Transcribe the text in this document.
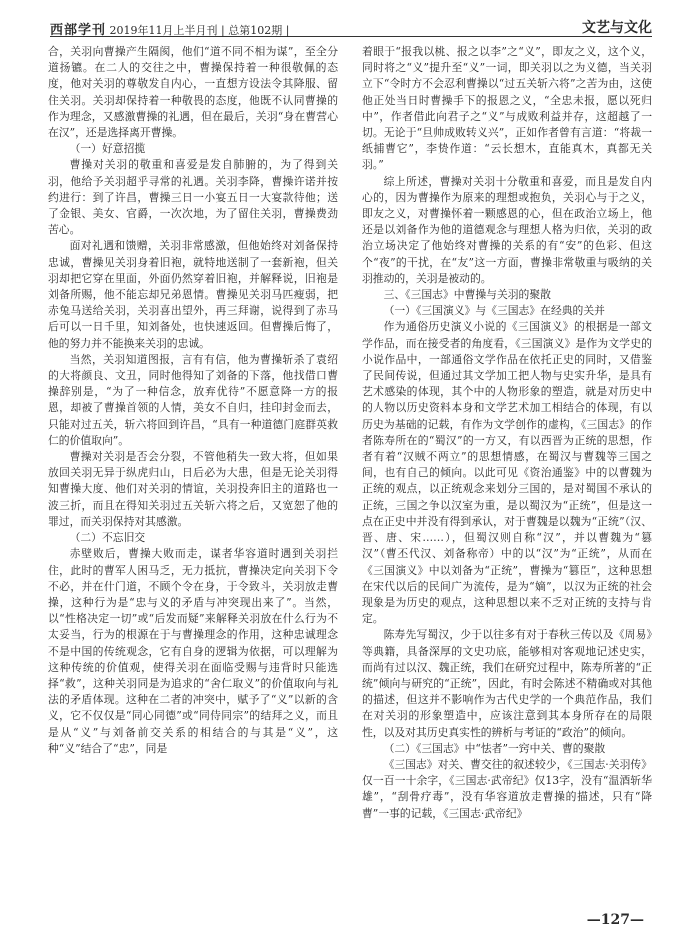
西部学刊 2019年11月上半月刊 | 总第102期 |	文艺与文化

合，关羽向曹操产生隔阂，他们“道不同不相为谋”，至全分道扬镳。在二人的交往之中，曹操保持着一种很敬佩的态度，他对关羽的尊敬发自内心，一直想方设法令其降服、留住关羽。关羽却保持着一种敬畏的态度，他既不认同曹操的作为理念，又感激曹操的礼遇，但在最后，关羽“身在曹营心在汉”，还是选择离开曹操。

（一）好意招揽

曹操对关羽的敬重和喜爱是发自肺腑的，为了得到关羽，他给予关羽超乎寻常的礼遇。关羽李降，曹操许诺并按约进行：到了许昌，曹操三日一小宴五日一大宴款待他；送了金银、美女、官爵，一次次地，为了留住关羽，曹操费劲苦心。

面对礼遇和馈赠，关羽非常感激，但他始终对刘备保持忠诚，曹操见关羽身着旧袍，就特地送制了一套新袍，但关羽却把它穿在里面，外面仍然穿着旧袍，并解释说，旧袍是刘备所赐，他不能忘却兄弟恩情。曹操见关羽马匹瘦弱，把赤兔马送给关羽，关羽喜出望外，再三拜谢，说得到了赤马后可以一日千里，知刘备处，也快速返回。但曹操后悔了，他的努力并不能换来关羽的忠诚。

当然，关羽知道图报，言有有信，他为曹操斩杀了袁绍的大将颜良、文丑，同时他得知了刘备的下落，他找借口曹操辞别是，“为了一种信念，放弃优待”不愿意降一方的报恩，却被了曹操首领的人情，美女不自归，挂印封金而去，只能对过五关，斩六将回到许昌，“具有一种道德门庭群英救仁的价值取向”。

曹操对关羽是否会分裂，不管他稍失一致大将，但如果放回关羽无异于纵虎归山，日后必为大患，但是无论关羽得知曹操大度、他们对关羽的情谊，关羽投奔旧主的道路也一波三折，而且在得知关羽过五关斩六将之后，又宽恕了他的罪过，而关羽保持对其感激。

（二）不忘旧交

赤壁败后，曹操大败而走，谋者华容道时遇到关羽拦住，此时的曹军人困马乏，无力抵抗，曹操决定向关羽下令不必，并在什门道，不顾个令在身，于令致斗，关羽放走曹操，这种行为是“忠与义的矛盾与冲突现出来了”。当然，以“性格决定一切”或“后发而疑”来解释关羽放在什么行为不太妥当，行为的根源在于与曹操理念的作用，这种忠诚理念不是中国的传统观念，它有自身的逻辑为依据，可以理解为这种传统的价值观，使得关羽在面临受赐与违背时只能选择“救”，这种关羽同是为追求的“舍仁取义”的价值取向与礼法的矛盾体现。这种在二者的冲突中，赋予了“义”以新的含义，它不仅仅是“同心同德”或“同侍同宗”的结拜之义，而且是从“义”与刘备前交关系的相结合的与其是“义”，这种“义”结合了“忠”，同是

着眼于“报我以桃、报之以李”之“义”，即友之义，这个义，同时将之“义”提升至“义”一词，即关羽以之为义德，当关羽立下“令时方不会忍利曹操以“过五关斩六将”之苦为由，这使他正处当日时曹操手下的报恩之义，“全忠未报，愿以死归中”，作者借此向君子之“义”与成败利益并存，这超越了一切。无论于“旦帅成败转义兴”，正如作者曾有言道：“将裁一纸捕曹它”，李贽作道：“云长想木，直能真木，真都无关羽。”

综上所述，曹操对关羽十分敬重和喜爱，而且是发自内心的，因为曹操作为原来的理想或抱负，关羽心与于之义，即友之义，对曹操怀着一颗感恩的心，但在政治立场上，他还是以刘备作为他的道德观念与理想人格为归依，关羽的政治立场决定了他始终对曹操的关系的有“安”的色彩、但这个“夜”的干扰，在“友”这一方面，曹操非常敬重与吸纳的关羽推动的，关羽是被动的。

三、《三国志》中曹操与关羽的聚散

（一）《三国演义》与《三国志》在经典的关并

作为通俗历史演义小说的《三国演义》的根据是一部文学作品，而在接受者的角度看，《三国演义》是作为文学史的小说作品中，一部通俗文学作品在依托正史的同时，又借鉴了民间传说，但通过其文学加工把人物与史实升华，是具有艺术感染的体现，其个中的人物形象的塑造，就是对历史中的人物以历史资料本身和文学艺术加工相结合的体现，有以历史为基础的记载，有作为文学创作的虚构，《三国志》的作者陈寿所在的“蜀汉”的一方又，有以西晋为正统的思想，作者有着“汉贼不两立”的思想情感，在蜀汉与曹魏等三国之间，也有自己的倾向。以此可见《资治通鉴》中的以曹魏为正统的观点，以正统观念来划分三国的，是对蜀国不承认的正统，三国之争以汉室为重，是以蜀汉为“正统”，但是这一点在正史中并没有得到承认，对于曹魏是以魏为“正统”（汉、晋、唐、宋……），但蜀汉则自称“汉”，并以曹魏为“篡汉”（曹丕代汉、刘备称帝）中的以“汉”为“正统”，从而在《三国演义》中以刘备为“正统”，曹操为“篡臣”，这种思想在宋代以后的民间广为流传，是为“嫡”，以汉为正统的社会现象是为历史的观点，这种思想以来不乏对正统的支持与肯定。

陈寿先写蜀汉，少于以往多有对于春秋三传以及《周易》等典籍，具备深厚的文史功底，能够相对客观地记述史实，而尚有过以汉、魏正统，我们在研究过程中，陈寿所著的“正统”倾向与研究的“正统”，因此，有时会陈述不精确或对其他的描述，但这并不影响作为古代史学的一个典范作品，我们在对关羽的形象塑造中，应该注意到其本身所存在的局限性，以及对其历史真实性的辨析与考证的“政治”的倾向。

（二）《三国志》中“怯者”一窍中关、曹的聚散

《三国志》对关、曹交往的叙述较少，《三国志·关羽传》仅一百一十余字，《三国志·武帝纪》仅13字，没有“温酒斩华雄”，“刮骨疗毒”，没有华容道放走曹操的描述，只有“降曹”一事的记载，《三国志·武帝纪》

—127—
